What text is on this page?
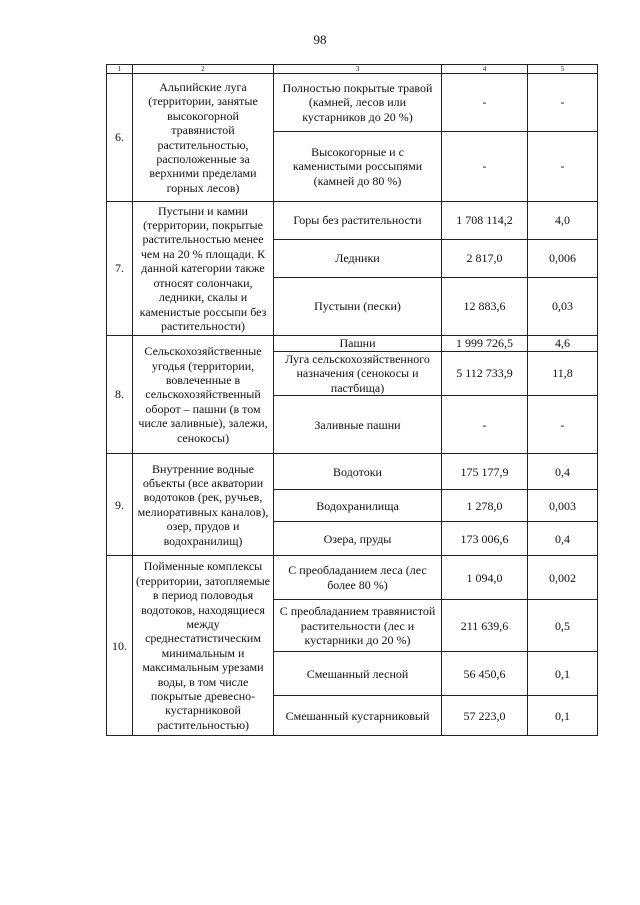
98
1	2	3	4	5
6.	Альпийские луга (территории, занятые высокогорной травянистой растительностью, расположенные за верхними пределами горных лесов)	Полностью покрытые травой (камней, лесов или кустарников до 20 %)	-	-
		Высокогорные и с каменистыми россыпями (камней до 80 %)	-	-
7.	Пустыни и камни (территории, покрытые растительностью менее чем на 20 % площади. К данной категории также относят солончаки, ледники, скалы и каменистые россыпи без растительности)	Горы без растительности	1 708 114,2	4,0
		Ледники	2 817,0	0,006
		Пустыни (пески)	12 883,6	0,03
8.	Сельскохозяйственные угодья (территории, вовлеченные в сельскохозяйственный оборот – пашни (в том числе заливные), залежи, сенокосы)	Пашни	1 999 726,5	4,6
		Луга сельскохозяйственного назначения (сенокосы и пастбища)	5 112 733,9	11,8
		Заливные пашни	-	-
9.	Внутренние водные объекты (все акватории водотоков (рек, ручьев, мелиоративных каналов), озер, прудов и водохранилищ)	Водотоки	175 177,9	0,4
		Водохранилища	1 278,0	0,003
		Озера, пруды	173 006,6	0,4
10.	Пойменные комплексы (территории, затопляемые в период половодья водотоков, находящиеся между среднестатистическим минимальным и максимальным урезами воды, в том числе покрытые древесно-кустарниковой растительностью)	С преобладанием леса (лес более 80 %)	1 094,0	0,002
		С преобладанием травянистой растительности (лес и кустарники до 20 %)	211 639,6	0,5
		Смешанный лесной	56 450,6	0,1
		Смешанный кустарниковый	57 223,0	0,1
